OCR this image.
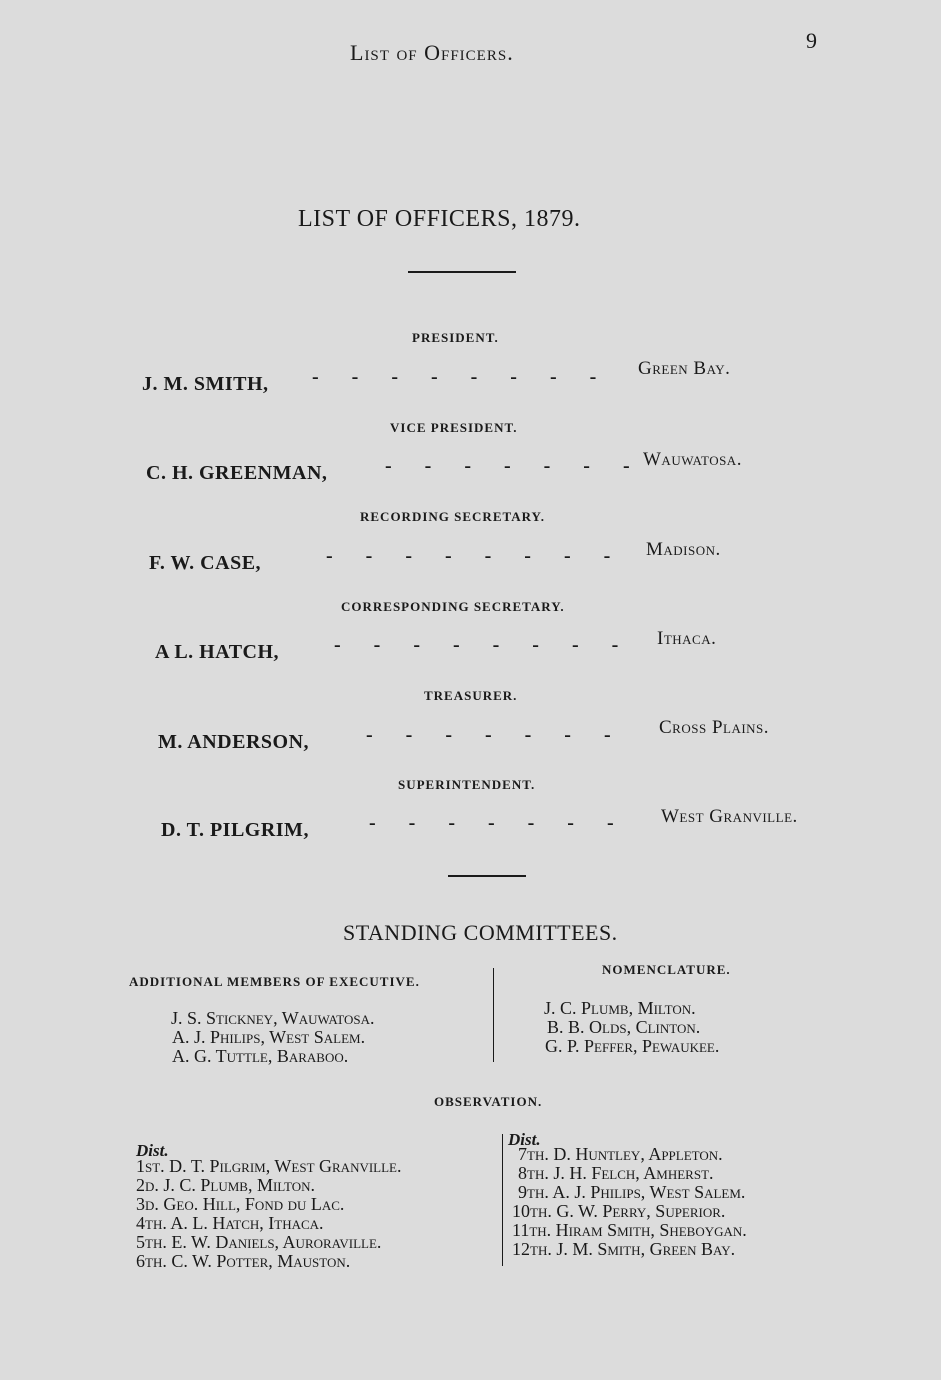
List of Officers.	9
LIST OF OFFICERS, 1879.
PRESIDENT.
J. M. SMITH, - - - - - - - - Green Bay.
VICE PRESIDENT.
C. H. GREENMAN,	- - - - - - - Wauwatosa.
RECORDING SECRETARY.
F. W. CASE,	- - - - - - - - Madison.
CORRESPONDING SECRETARY.
A L. HATCH,	- - - - - - - - Ithaca.
TREASURER.
M. ANDERSON,	- - - - - - - Cross Plains.
SUPERINTENDENT.
D. T. PILGRIM,	- - - - - - - West Granville.
STANDING COMMITTEES.
ADDITIONAL MEMBERS OF EXECUTIVE.
J. S. Stickney, Wauwatosa.
A. J. Philips, West Salem.
A. G. Tuttle, Baraboo.
NOMENCLATURE.
J. C. Plumb, Milton.
B. B. Olds, Clinton.
G. P. Peffer, Pewaukee.
OBSERVATION.
Dist.
1st. D. T. Pilgrim, West Granville.
2d. J. C. Plumb, Milton.
3d. Geo. Hill, Fond du Lac.
4th. A. L. Hatch, Ithaca.
5th. E. W. Daniels, Auroraville.
6th. C. W. Potter, Mauston.
Dist.
7th. D. Huntley, Appleton.
8th. J. H. Felch, Amherst.
9th. A. J. Philips, West Salem.
10th. G. W. Perry, Superior.
11th. Hiram Smith, Sheboygan.
12th. J. M. Smith, Green Bay.
